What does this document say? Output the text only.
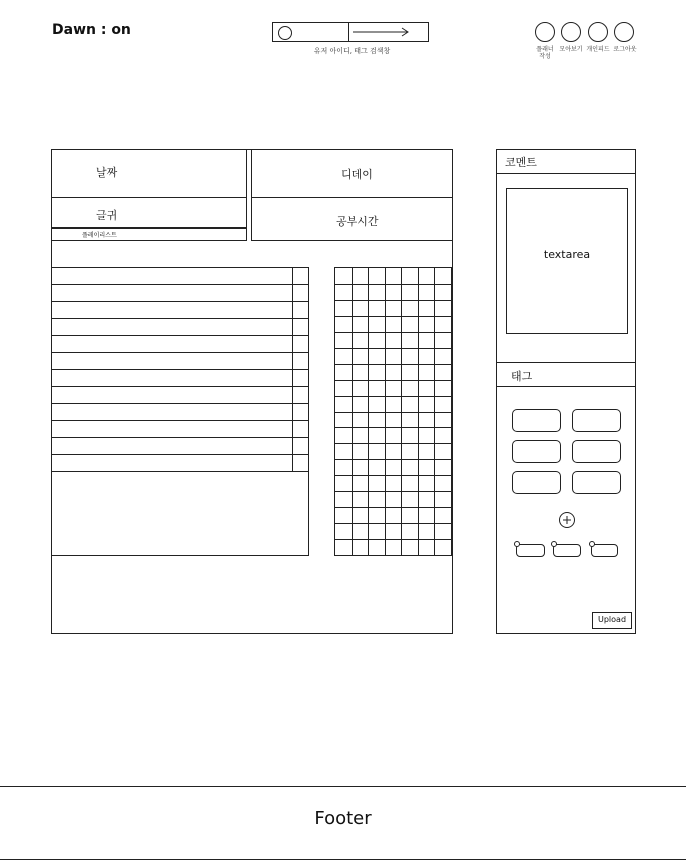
Dawn : on
유저 아이디, 태그 검색창	플래너
작성
모아보기 개인피드 로그아웃
날짜	디데이
글귀
플레이리스트
공부시간
코멘트
textarea
태그
Upload
Footer
